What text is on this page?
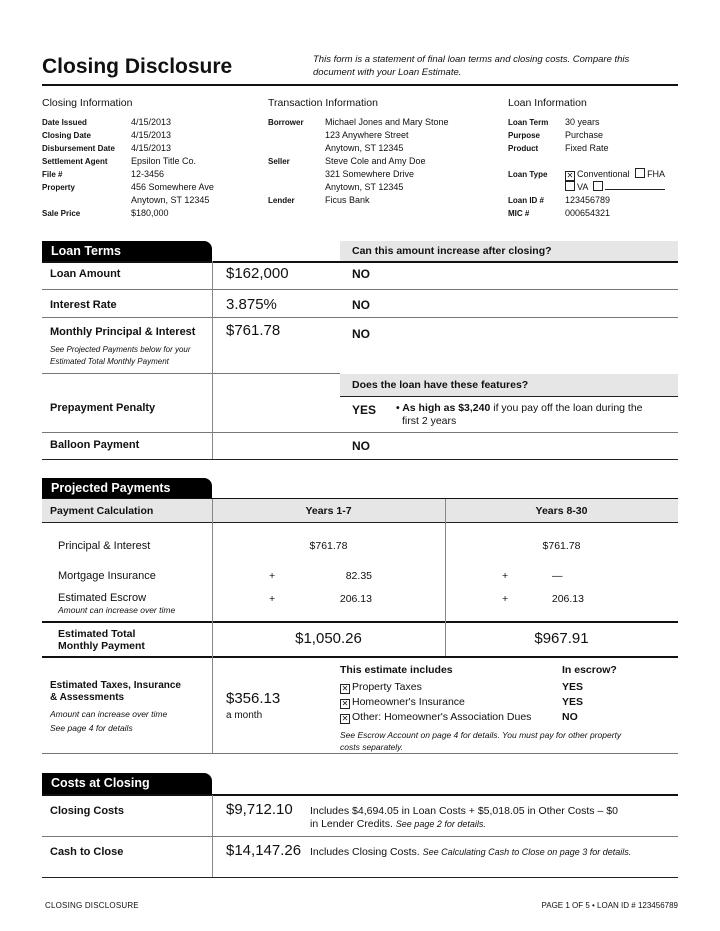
Closing Disclosure	This form is a statement of final loan terms and closing costs. Compare this
document with your Loan Estimate.
Closing Information
Date Issued	4/15/2013
Closing Date	4/15/2013
Disbursement Date 4/15/2013
Settlement Agent	Epsilon Title Co.
File #	12-3456
Property	456 Somewhere Ave
Anytown, ST 12345
Sale Price	$180,000
Transaction Information
Borrower Michael Jones and Mary Stone
123 Anywhere Street
Anytown, ST 12345
Seller	Steve Cole and Amy Doe
321 Somewhere Drive
Anytown, ST 12345
Lender	Ficus Bank
Loan Information
Loan Term 30 years
Purpose	Purchase
Product	Fixed Rate
Loan Type ✕ Conventional FHA
VA
Loan ID # 123456789
MIC #	000654321
Loan Terms	Can this amount increase after closing?
Loan Amount	$162,000	NO
Interest Rate	3.875%	NO
Monthly Principal & Interest
See Projected Payments below for your
Estimated Total Monthly Payment
$761.78	NO
Does the loan have these features?
Prepayment Penalty	YES • As high as $3,240 if you pay off the loan during the
first 2 years
Balloon Payment	NO
Projected Payments
Payment Calculation	Years 1-7	Years 8-30
Principal & Interest	$761.78	$761.78
Mortgage Insurance	+	82.35	+	—
Estimated Escrow
Amount can increase over time
+	206.13	+	206.13
Estimated Total
Monthly Payment	$1,050.26	$967.91
Estimated Taxes, Insurance
& Assessments
Amount can increase over time
See page 4 for details
$356.13
a month
This estimate includes	In escrow?
✕ Property Taxes	YES
✕ Homeowner's Insurance	YES
✕ Other: Homeowner's Association Dues	NO
See Escrow Account on page 4 for details. You must pay for other property
costs separately.
Costs at Closing
Closing Costs	$9,712.10 Includes $4,694.05 in Loan Costs + $5,018.05 in Other Costs – $0
in Lender Credits. See page 2 for details.
Cash to Close	$14,147.26 Includes Closing Costs. See Calculating Cash to Close on page 3 for details.
CLOSING DISCLOSURE	PAGE 1 OF 5 • LOAN ID # 123456789
